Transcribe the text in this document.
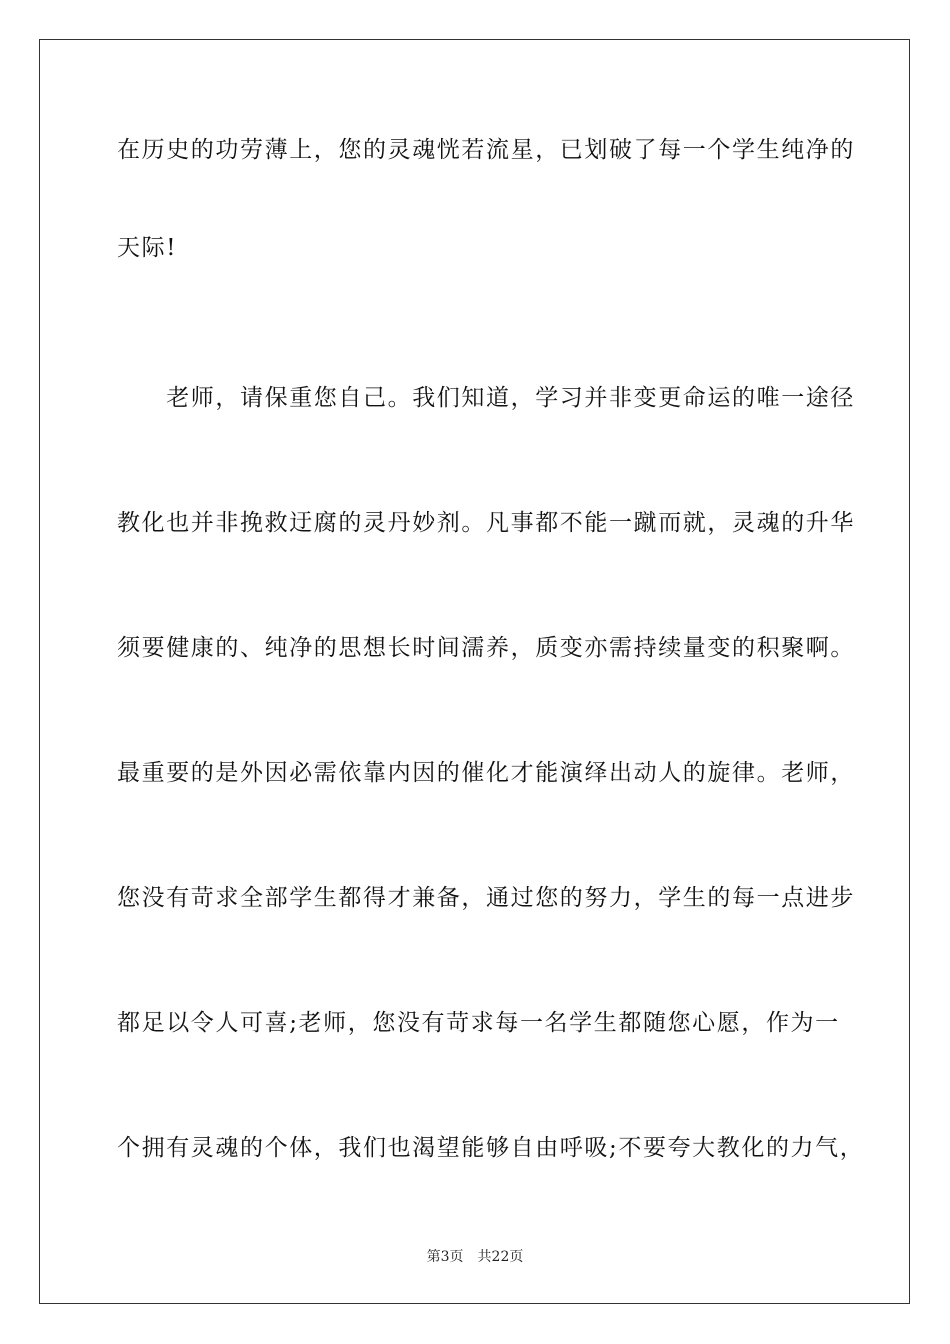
在历史的功劳薄上，您的灵魂恍若流星，已划破了每一个学生纯净的
天际!
　　老师，请保重您自己。我们知道，学习并非变更命运的唯一途径
教化也并非挽救迂腐的灵丹妙剂。凡事都不能一蹴而就，灵魂的升华
须要健康的、纯净的思想长时间濡养，质变亦需持续量变的积聚啊。
最重要的是外因必需依靠内因的催化才能演绎出动人的旋律。老师，
您没有苛求全部学生都得才兼备，通过您的努力，学生的每一点进步
都足以令人可喜;老师，您没有苛求每一名学生都随您心愿，作为一
个拥有灵魂的个体，我们也渴望能够自由呼吸;不要夸大教化的力气，
第3页 共22页
